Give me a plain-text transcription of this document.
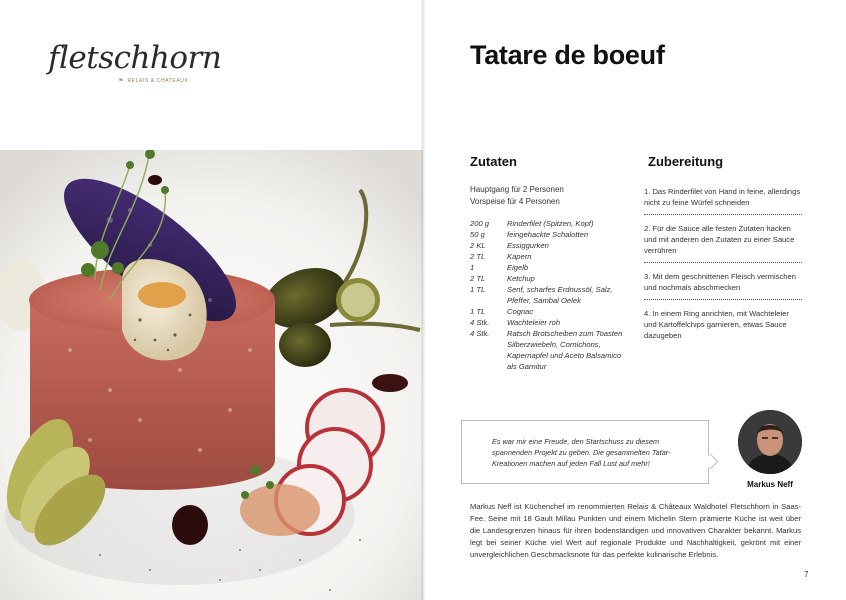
fletschhorn
❧ RELAIS & CHATEAUX
Tatare de boeuf
Zutaten	Zubereitung
Hauptgang für 2 Personen
Vorspeise für 4 Personen
200 g	Rinderfilet (Spitzen, Kopf)
50 g	feingehackte Schalotten
2 KL	Essiggurken
2 TL	Kapern
1	Eigelb
2 TL	Ketchup
1 TL	Senf, scharfes Erdnussöl, Salz,
Pfeffer, Sambal Oelek
1 TL	Cognac
4 Stk.	Wachteleier roh
4 Stk.	Ratsch Brotscheiben zum Toasten
Silberzwiebeln, Cornichons,
Kapernapfel und Aceto Balsamico
als Garnitur
1. Das Rinderfilet von Hand in feine, allerdings nicht zu feine Würfel schneiden
2. Für die Sauce alle festen Zutaten hacken und mit anderen den Zutaten zu einer Sauce verrühren
3. Mit dem geschnittenen Fleisch vermischen und nochmals abschmecken
4. In einem Ring anrichten, mit Wachteleier und Kartoffelchips garnieren, etwas Sauce dazugeben
Es war mir eine Freude, den Startschuss zu diesem spannenden Projekt zu geben. Die gesammelten Tatar-Kreationen machen auf jeden Fall Lust auf mehr!
Markus Neff
Markus Neff ist Küchenchef im renommierten Relais & Châteaux Waldhotel Fletschhorn in Saas-Fee. Seine mit 18 Gault Millau Punkten und einem Michelin Stern prämierte Küche ist weit über die Landesgrenzen hinaus für ihren bodenständigen und innovativen Charakter bekannt. Markus legt bei seiner Küche viel Wert auf regionale Produkte und Nachhaltigkeit, gekrönt mit einer unvergleichlichen Geschmacksnote für das perfekte kulinarische Erlebnis.
7
